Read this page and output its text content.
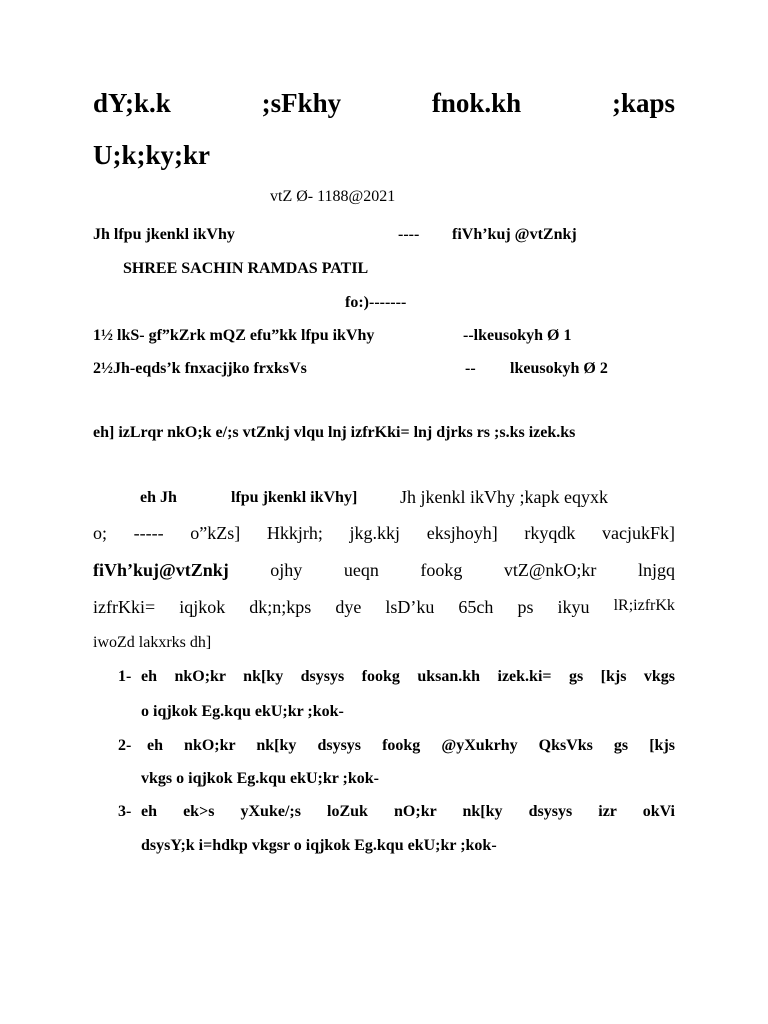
dY;k.k	;sFkhy	fnok.kh	;kaps
U;k;ky;kr
vtZ Ø- 1188@2021
Jh lfpu jkenkl ikVhy	---- fiVh’kuj @vtZnkj
SHREE SACHIN RAMDAS PATIL
fo:)-------
1½ lkS- gf”kZrk mQZ efu”kk lfpu ikVhy	--lkeusokyh Ø 1
2½Jh-eqds’k fnxacjjko frxksVs	-- lkeusokyh Ø 2
eh] izLrqr nkO;k e/;s vtZnkj vlqu lnj izfrKki= lnj djrks rs ;s.ks izek.ks
eh Jh	lfpu jkenkl ikVhy] Jh jkenkl ikVhy ;kapk eqyxk
o; ----- o”kZs] Hkkjrh; jkg.kkj eksjhoyh] rkyqdk vacjukFk]
fiVh’kuj@vtZnkj ojhy ueqn fookg vtZ@nkO;kr lnjgq
izfrKki= iqjkok dk;n;kps dye lsD’ku 65ch ps ikyu lR;izfrKk
iwoZd lakxrks dh]
1- eh nkO;kr nk[ky dsysys fookg uksan.kh izek.ki= gs [kjs vkgs
o iqjkok Eg.kqu ekU;kr ;kok-
2- eh nkO;kr nk[ky dsysys fookg @yXukrhy QksVks gs [kjs
vkgs o iqjkok Eg.kqu ekU;kr ;kok-
3- eh ek>s yXuke/;s loZuk nO;kr nk[ky dsysys izr okVi
dsysY;k i=hdkp vkgsr o iqjkok Eg.kqu ekU;kr ;kok-
